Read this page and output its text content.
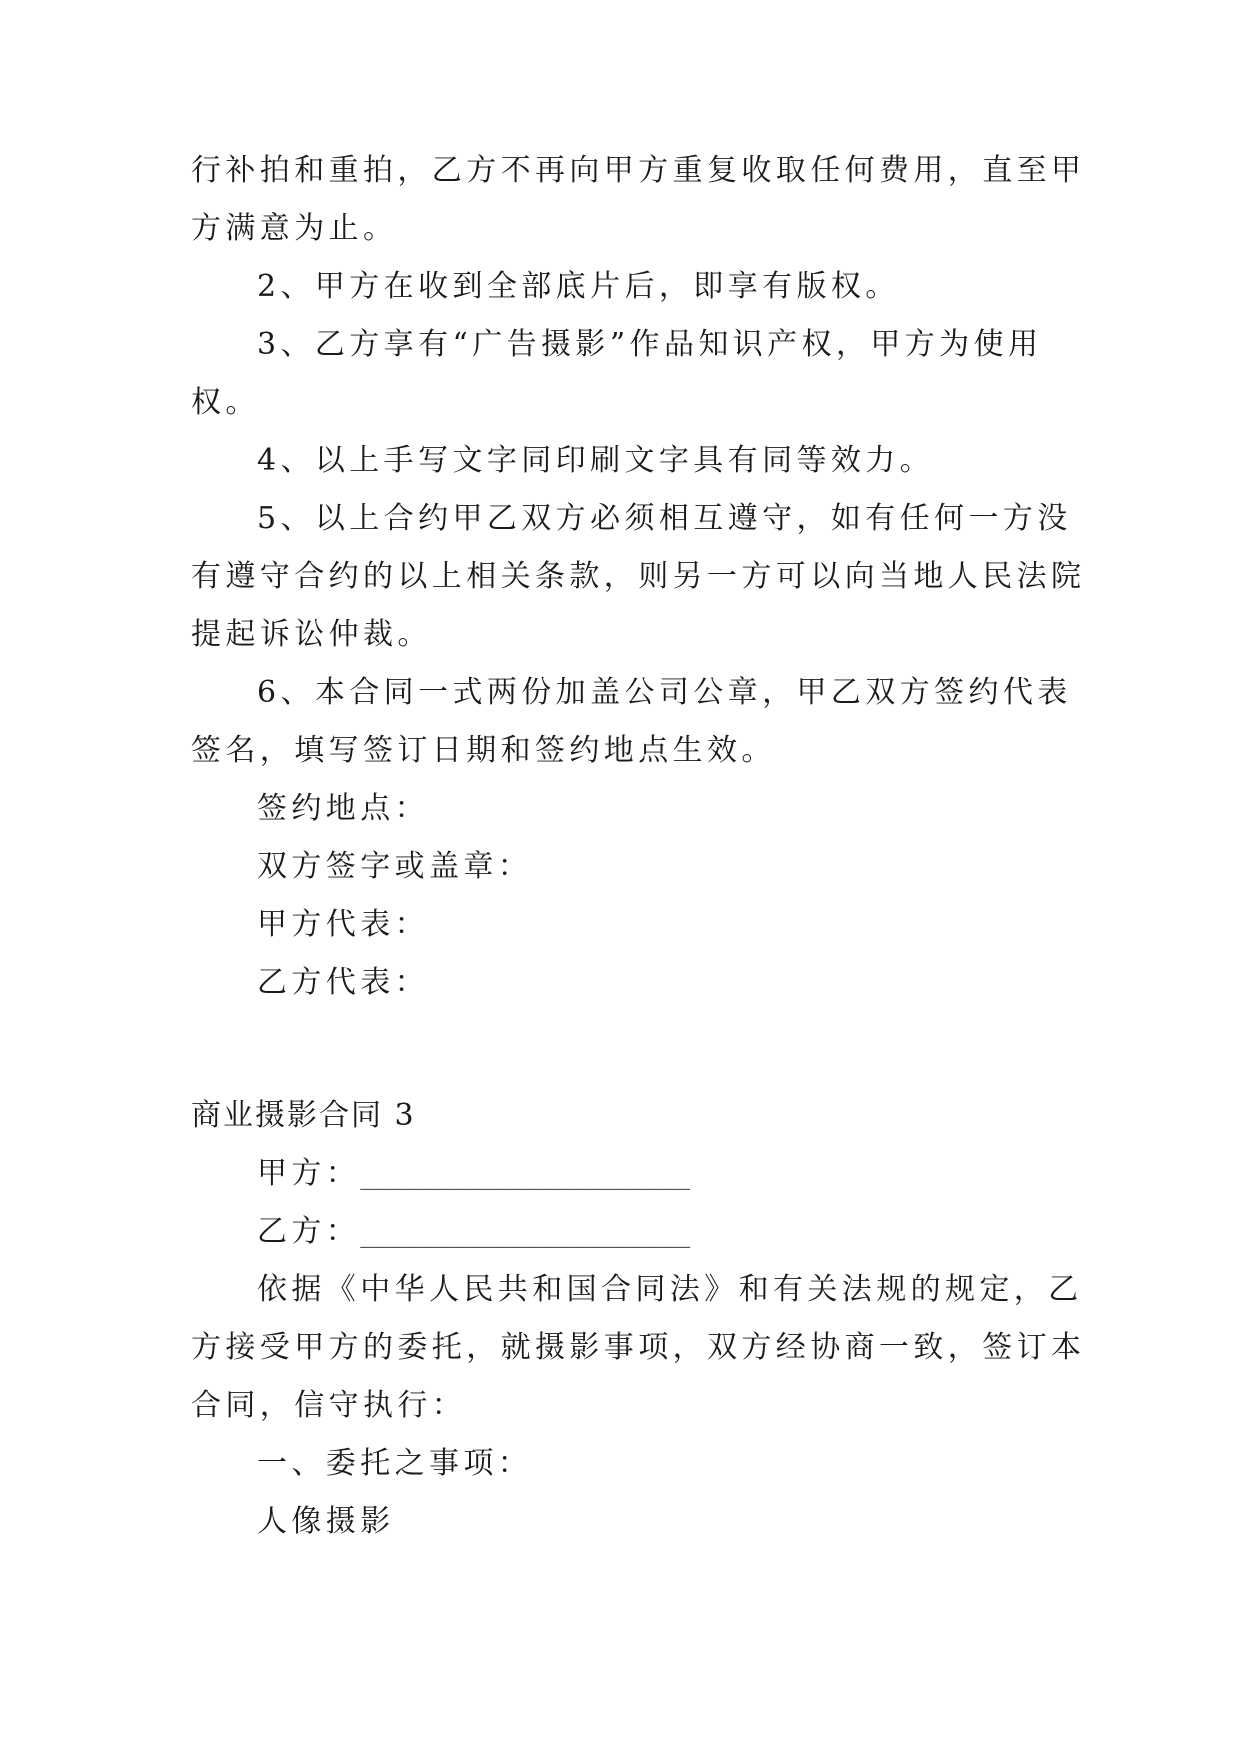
行补拍和重拍，乙方不再向甲方重复收取任何费用，直至甲
方满意为止。
2、甲方在收到全部底片后，即享有版权。
3、乙方享有“广告摄影”作品知识产权，甲方为使用
权。
4、以上手写文字同印刷文字具有同等效力。
5、以上合约甲乙双方必须相互遵守，如有任何一方没
有遵守合约的以上相关条款，则另一方可以向当地人民法院
提起诉讼仲裁。
6、本合同一式两份加盖公司公章，甲乙双方签约代表
签名，填写签订日期和签约地点生效。
签约地点：
双方签字或盖章：
甲方代表：
乙方代表：
商业摄影合同 3
甲方：______________________
乙方：______________________
依据《中华人民共和国合同法》和有关法规的规定，乙
方接受甲方的委托，就摄影事项，双方经协商一致，签订本
合同，信守执行：
一、委托之事项：
人像摄影
